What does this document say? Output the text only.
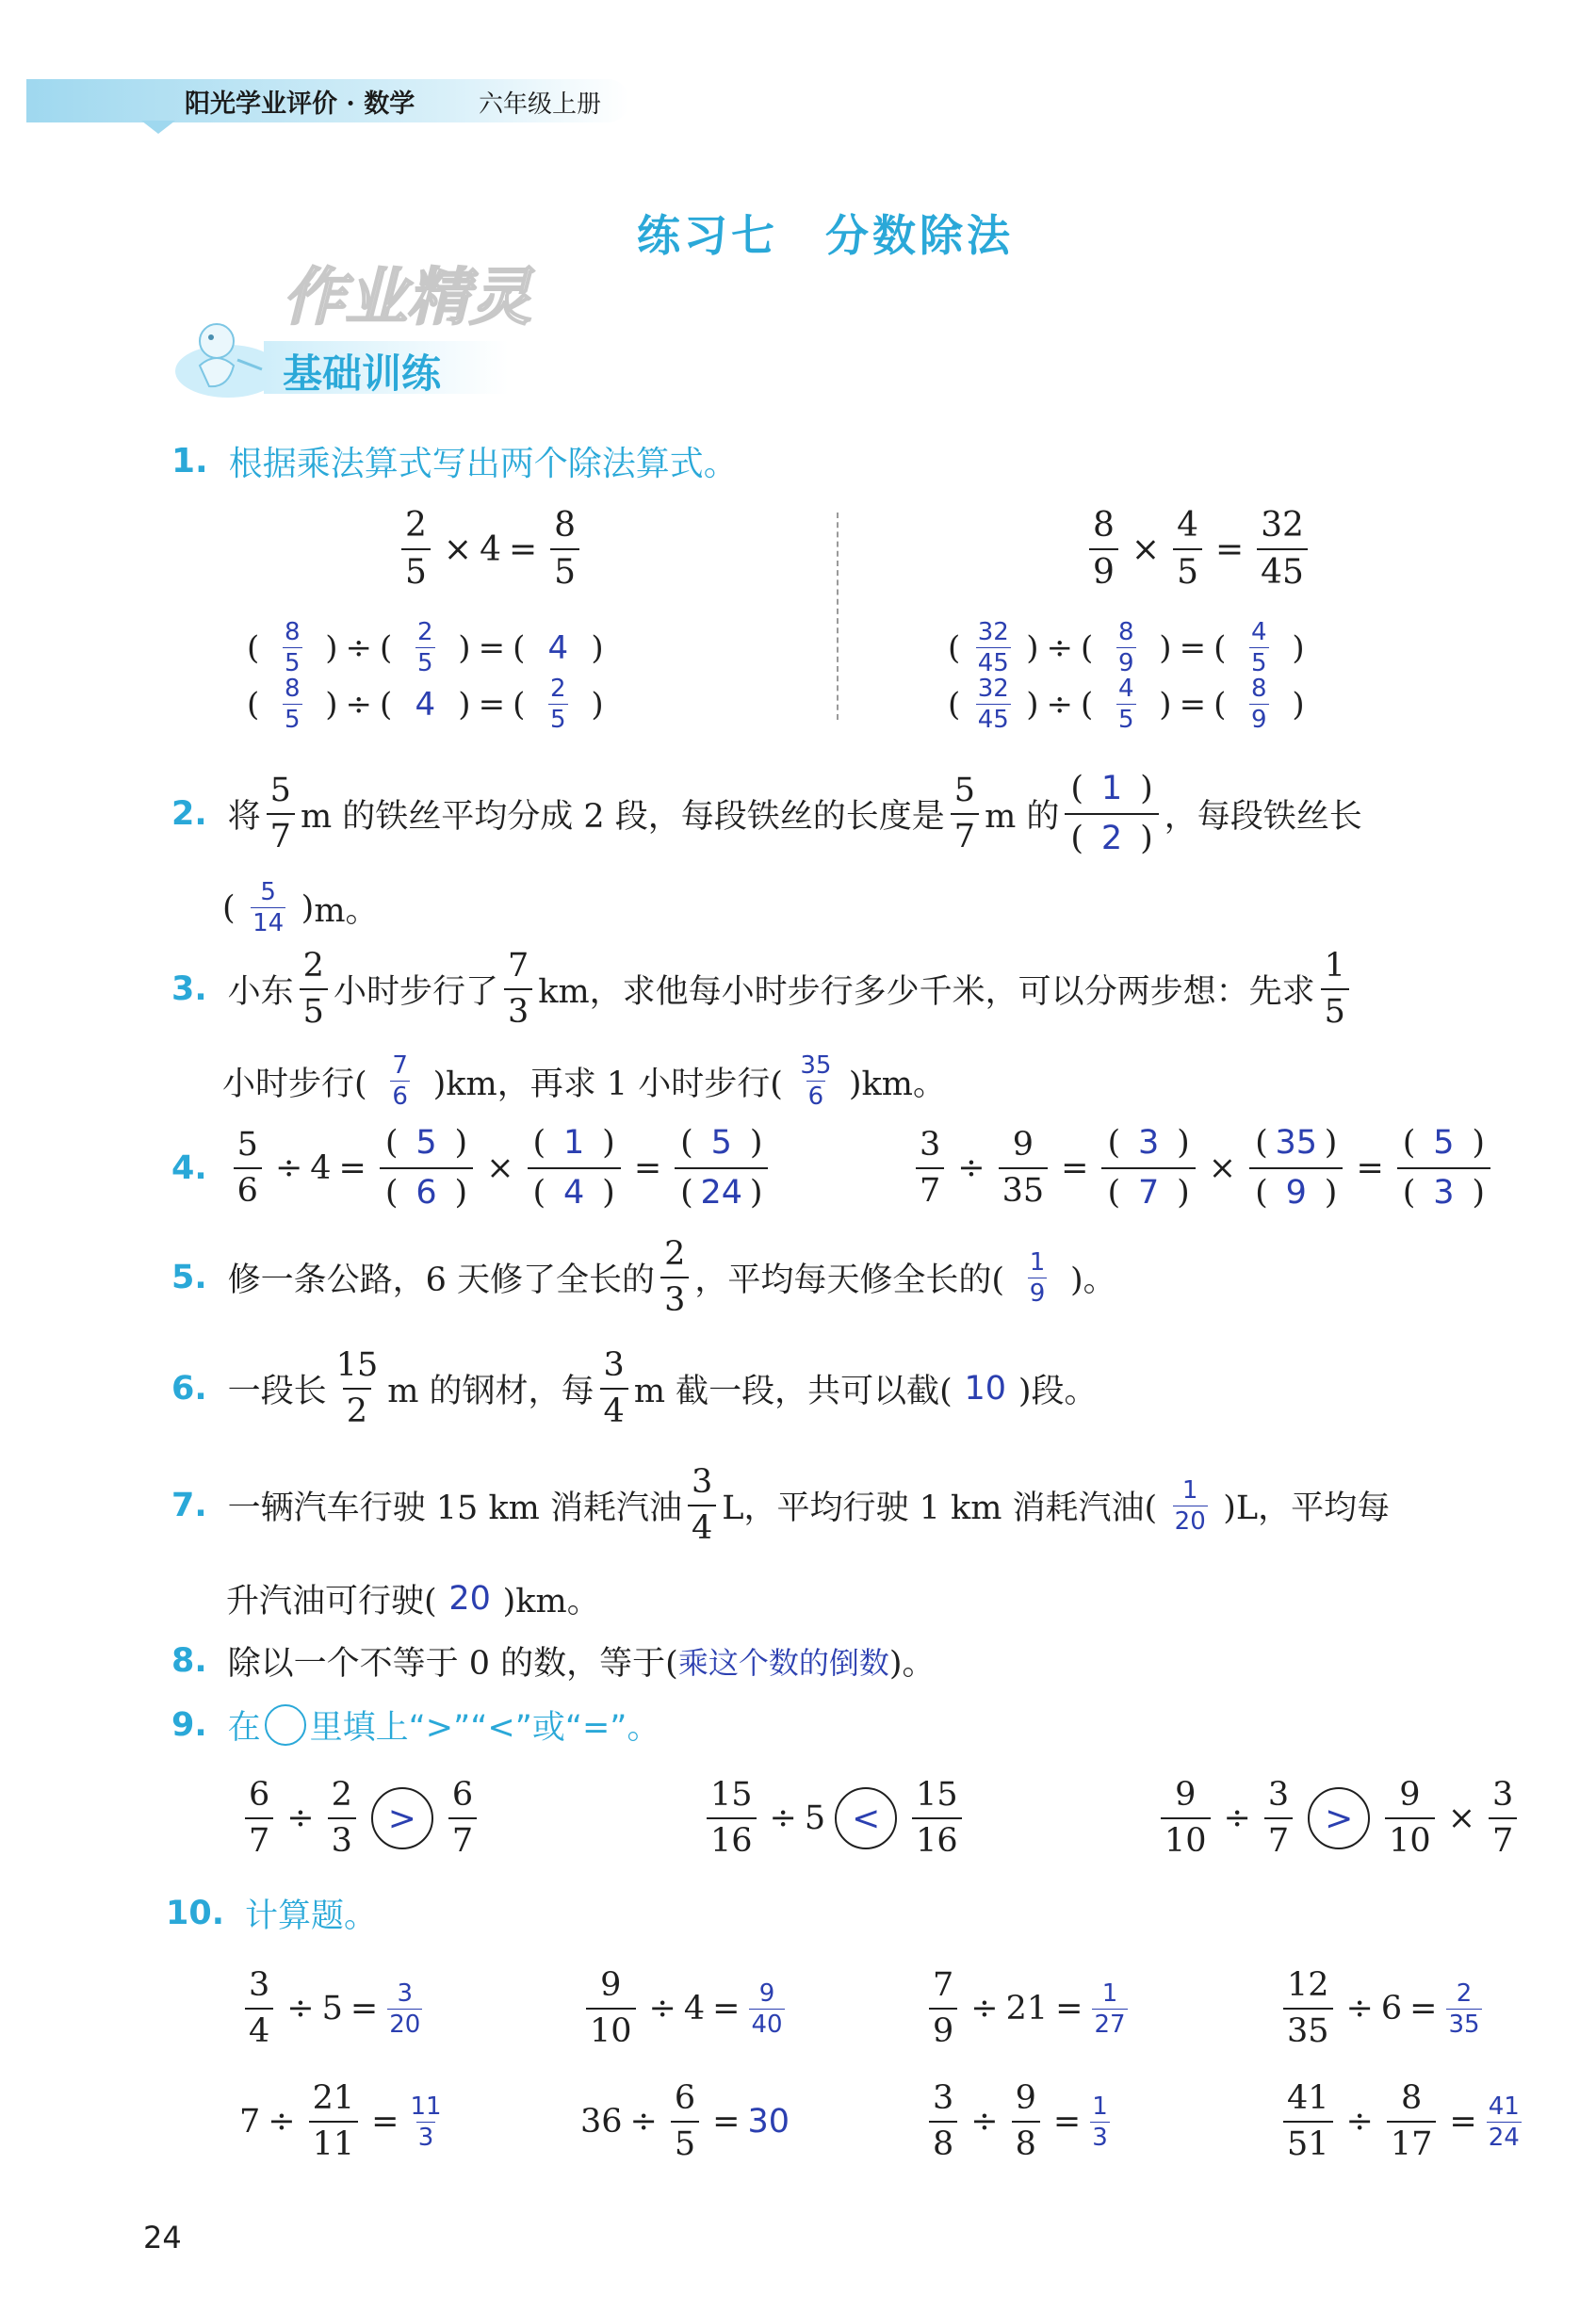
阳光学业评价 · 数学	六年级上册
练习七　分数除法
作业精灵
基础训练
1. 根据乘法算式写出两个除法算式。
$\frac{2}{5} \times 4 = \frac{8}{5}$
( $\frac{8}{5}$ ) ÷ ( $\frac{2}{5}$ ) = ( 4 )
( $\frac{8}{5}$ ) ÷ ( 4 ) = ( $\frac{2}{5}$ )
$\frac{8}{9} \times \frac{4}{5} = \frac{32}{45}$
( $\frac{32}{45}$ ) ÷ ( $\frac{8}{9}$ ) = ( $\frac{4}{5}$ )
( $\frac{32}{45}$ ) ÷ ( $\frac{4}{5}$ ) = ( $\frac{8}{9}$ )
2. 将 $\frac{5}{7}$ m 的铁丝平均分成 2 段，每段铁丝的长度是 $\frac{5}{7}$ m 的 $\frac{( 1 )}{( 2 )}$ ，每段铁丝长
( $\frac{5}{14}$ ) m。
3. 小东 $\frac{2}{5}$ 小时步行了 $\frac{7}{3}$ km，求他每小时步行多少千米，可以分两步想：先求 $\frac{1}{5}$
小时步行( $\frac{7}{6} )km$，再求 1 小时步行( $\frac{35}{6} )km$。
4. $\frac{5}{6} \div 4 = \frac{( 5 )}{( 6 )} \times \frac{( 1 )}{( 4 )} = \frac{( 5 )}{( 24 )}$	$\frac{3}{7} \div \frac{9}{35} = \frac{( 3 )}{( 7 )} \times \frac{( 35 )}{( 9 )} = \frac{( 5 )}{( 3 )}$
5. 修一条公路，6 天修了全长的 $\frac{2}{3}$ ，平均每天修全长的( $\frac{1}{9}$ )。
6. 一段长 $\frac{15}{2}$ m 的钢材，每 $\frac{3}{4}$ m 截一段，共可以截( 10 )段。
7. 一辆汽车行驶 15 km 消耗汽油 $\frac{3}{4}$ L，平均行驶 1 km 消耗汽油( $\frac{1}{20} )L$，平均每
升汽油可行驶( 20 )km。
8. 除以一个不等于 0 的数，等于( 乘这个数的倒数 )。
9. 在 里填上“>”“<”或“=”。
$\frac{6}{7} \div \frac{2}{3} > \frac{6}{7}$	$\frac{15}{16} \div 5 < \frac{15}{16}$	$\frac{9}{10} \div \frac{3}{7} > \frac{9}{10} \times \frac{3}{7}$
10. 计算题。
$\frac{3}{4} \div 5 = \frac{3}{20}$	$\frac{9}{10} \div 4 = \frac{9}{40}$	$\frac{7}{9} \div 21 = \frac{1}{27}$	$\frac{12}{35} \div 6 = \frac{2}{35}$
$7 \div \frac{21}{11} = \frac{11}{3}$	$36 \div \frac{6}{5} = 30$	$\frac{3}{8} \div \frac{9}{8} = \frac{1}{3}$	$\frac{41}{51} \div \frac{8}{17} = \frac{41}{24}$
24
